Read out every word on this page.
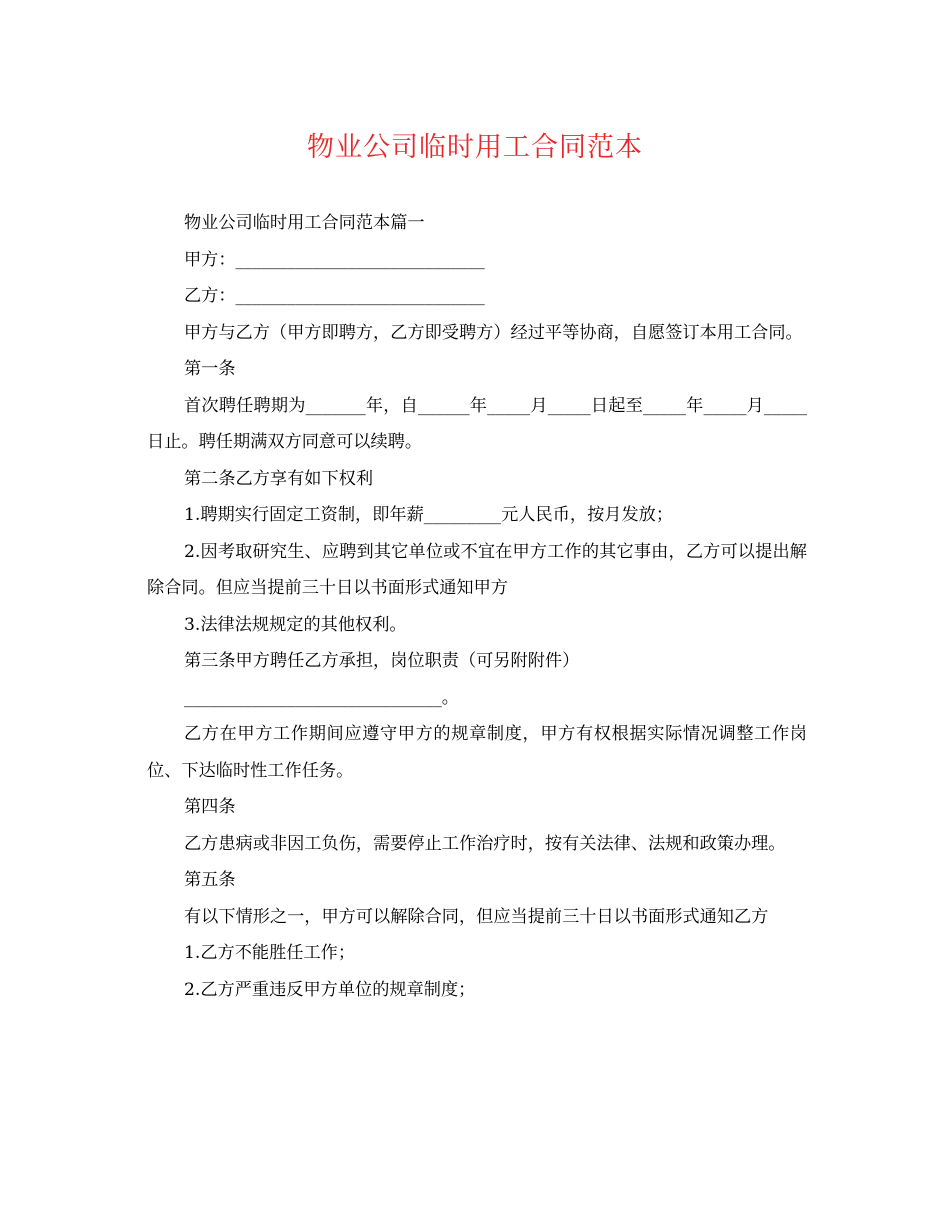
物业公司临时用工合同范本

物业公司临时用工合同范本篇一

甲方：_____________________________

乙方：_____________________________

甲方与乙方（甲方即聘方，乙方即受聘方）经过平等协商，自愿签订本用工合同。

第一条

首次聘任聘期为_______年，自______年_____月_____日起至_____年_____月_____日止。聘任期满双方同意可以续聘。

第二条乙方享有如下权利

1.聘期实行固定工资制，即年薪_________元人民币，按月发放；

2.因考取研究生、应聘到其它单位或不宜在甲方工作的其它事由，乙方可以提出解除合同。但应当提前三十日以书面形式通知甲方

3.法律法规规定的其他权利。

第三条甲方聘任乙方承担，岗位职责（可另附附件）

______________________________。

乙方在甲方工作期间应遵守甲方的规章制度，甲方有权根据实际情况调整工作岗位、下达临时性工作任务。

第四条

乙方患病或非因工负伤，需要停止工作治疗时，按有关法律、法规和政策办理。

第五条

有以下情形之一，甲方可以解除合同，但应当提前三十日以书面形式通知乙方

1.乙方不能胜任工作；

2.乙方严重违反甲方单位的规章制度；
